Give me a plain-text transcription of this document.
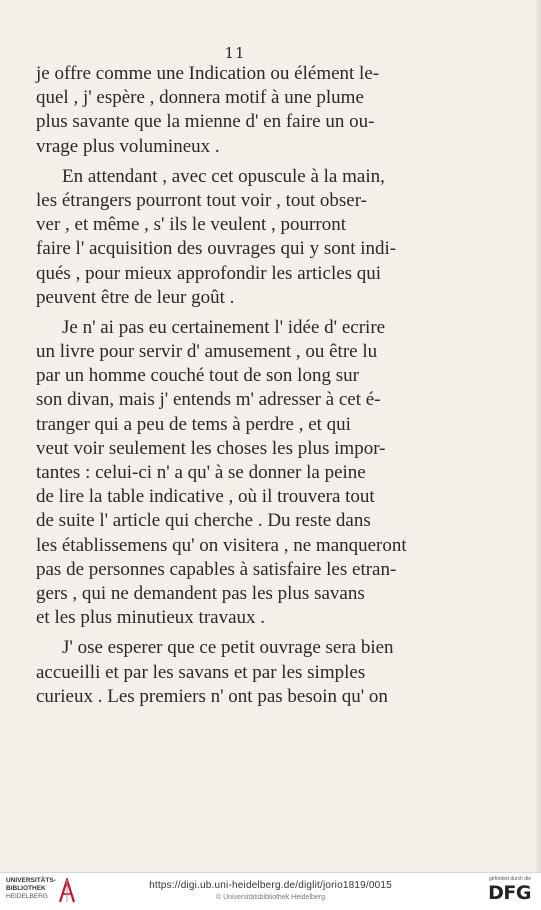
11
je offre comme une Indication ou élément le-
quel , j' espère , donnera motif à une plume
plus savante que la mienne d' en faire un ou-
vrage plus volumineux .
En attendant , avec cet opuscule à la main,
les étrangers pourront tout voir , tout obser-
ver , et même , s' ils le veulent , pourront
faire l' acquisition des ouvrages qui y sont indi-
qués , pour mieux approfondir les articles qui
peuvent être de leur goût .
Je n' ai pas eu certainement l' idée d' ecrire
un livre pour servir d' amusement , ou être lu
par un homme couché tout de son long sur
son divan, mais j' entends m' adresser à cet é-
tranger qui a peu de tems à perdre , et qui
veut voir seulement les choses les plus impor-
tantes : celui-ci n' a qu' à se donner la peine
de lire la table indicative , où il trouvera tout
de suite l' article qui cherche . Du reste dans
les établissemens qu' on visitera , ne manqueront
pas de personnes capables à satisfaire les etran-
gers , qui ne demandent pas les plus savans
et les plus minutieux travaux .
J' ose esperer que ce petit ouvrage sera bien
accueilli et par les savans et par les simples
curieux . Les premiers n' ont pas besoin qu' on
UNIVERSITÄTS-
BIBLIOTHEK
HEIDELBERG
https://digi.ub.uni-heidelberg.de/diglit/jorio1819/0015
© Universitätsbibliothek Heidelberg
gefördert durch die
DFG
